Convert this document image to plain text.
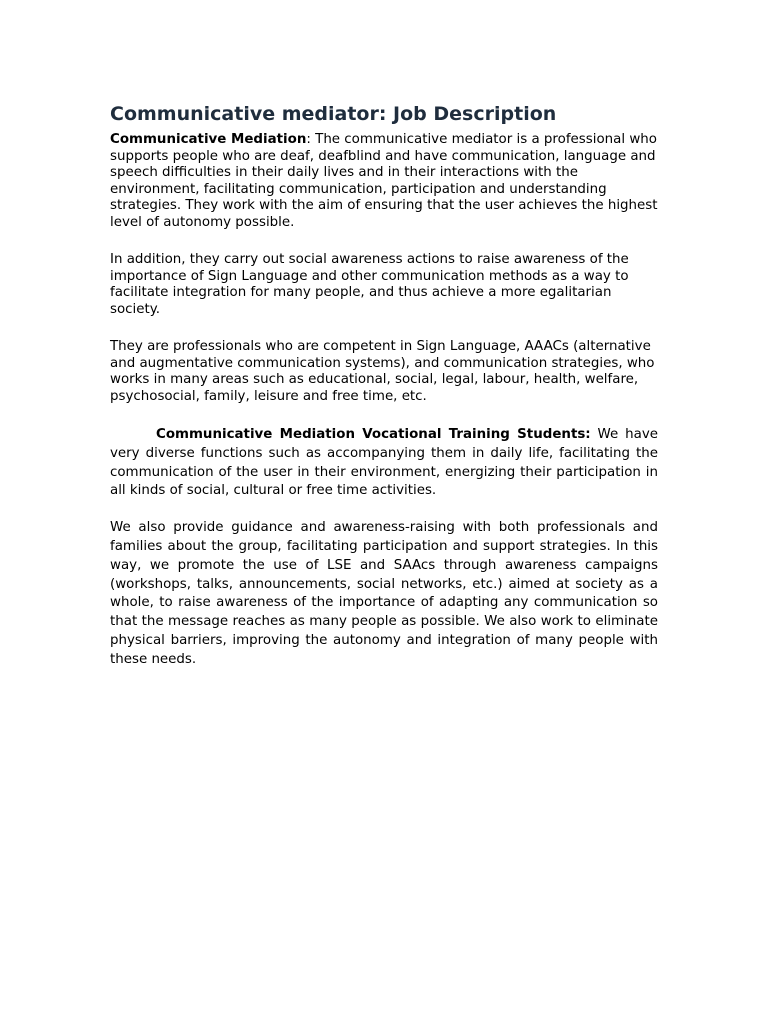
Communicative mediator: Job Description

Communicative Mediation: The communicative mediator is a professional who supports people who are deaf, deafblind and have communication, language and speech difficulties in their daily lives and in their interactions with the environment, facilitating communication, participation and understanding strategies. They work with the aim of ensuring that the user achieves the highest level of autonomy possible.

In addition, they carry out social awareness actions to raise awareness of the importance of Sign Language and other communication methods as a way to facilitate integration for many people, and thus achieve a more egalitarian society.

They are professionals who are competent in Sign Language, AAACs (alternative and augmentative communication systems), and communication strategies, who works in many areas such as educational, social, legal, labour, health, welfare, psychosocial, family, leisure and free time, etc.

Communicative Mediation Vocational Training Students: We have very diverse functions such as accompanying them in daily life, facilitating the communication of the user in their environment, energizing their participation in all kinds of social, cultural or free time activities.

We also provide guidance and awareness-raising with both professionals and families about the group, facilitating participation and support strategies. In this way, we promote the use of LSE and SAAcs through awareness campaigns (workshops, talks, announcements, social networks, etc.) aimed at society as a whole, to raise awareness of the importance of adapting any communication so that the message reaches as many people as possible. We also work to eliminate physical barriers, improving the autonomy and integration of many people with these needs.
